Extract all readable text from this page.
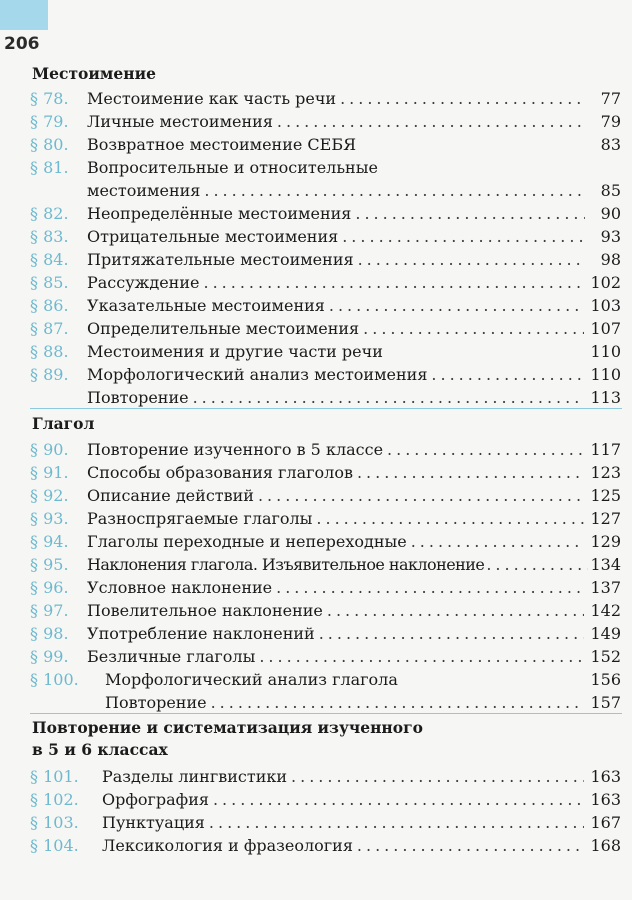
206
Местоимение
§ 78. Местоимение как часть речи .....	77
§ 79. Личные местоимения .....	79
§ 80. Возвратное местоимение СЕБЯ	83
§ 81. Вопросительные и относительные
местоимения .....	85
§ 82. Неопределённые местоимения .....	90
§ 83. Отрицательные местоимения .....	93
§ 84. Притяжательные местоимения .....	98
§ 85. Рассуждение .....	102
§ 86. Указательные местоимения .....	103
§ 87. Определительные местоимения .....	107
§ 88. Местоимения и другие части речи	110
§ 89. Морфологический анализ местоимения .....	110
Повторение .....	113
Глагол
§ 90. Повторение изученного в 5 классе .....	117
§ 91. Способы образования глаголов .....	123
§ 92. Описание действий .....	125
§ 93. Разноспрягаемые глаголы .....	127
§ 94. Глаголы переходные и непереходные .....	129
§ 95. Наклонения глагола. Изъявительное наклонение .....	134
§ 96. Условное наклонение .....	137
§ 97. Повелительное наклонение .....	142
§ 98. Употребление наклонений .....	149
§ 99. Безличные глаголы .....	152
§ 100. Морфологический анализ глагола	156
Повторение .....	157
Повторение и систематизация изученного
в 5 и 6 классах
§ 101. Разделы лингвистики .....	163
§ 102. Орфография .....	163
§ 103. Пунктуация .....	167
§ 104. Лексикология и фразеология .....	168
